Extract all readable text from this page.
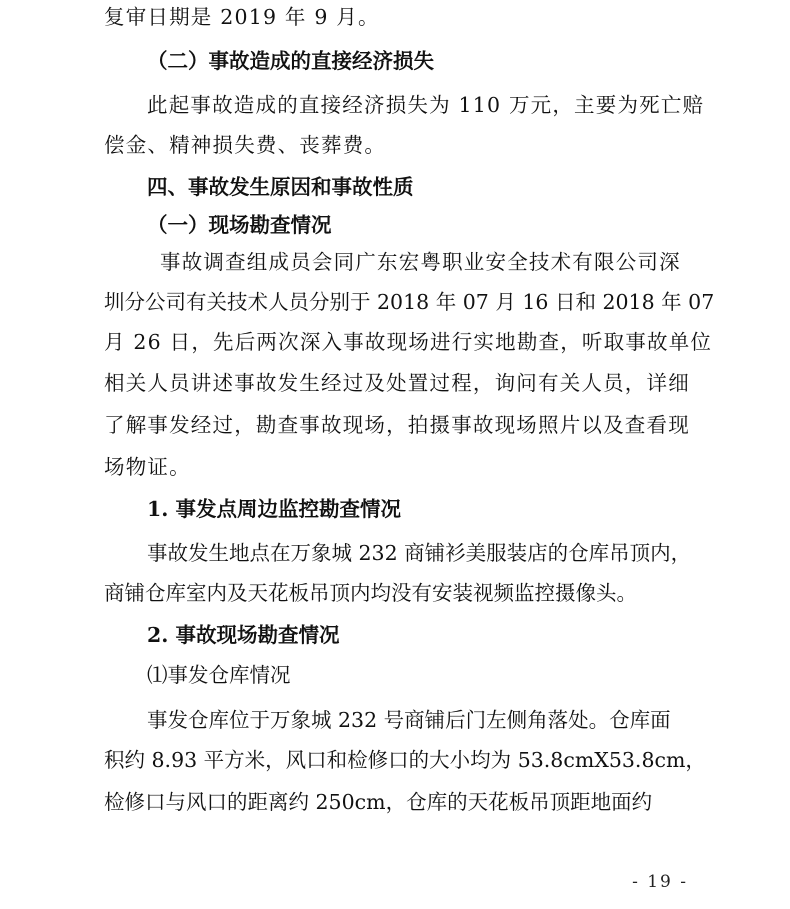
复审日期是 2019 年 9 月。
（二）事故造成的直接经济损失
此起事故造成的直接经济损失为 110 万元，主要为死亡赔
偿金、精神损失费、丧葬费。
四、事故发生原因和事故性质
（一）现场勘查情况
事故调查组成员会同广东宏粤职业安全技术有限公司深
圳分公司有关技术人员分别于 2018 年 07 月 16 日和 2018 年 07
月 26 日，先后两次深入事故现场进行实地勘查，听取事故单位
相关人员讲述事故发生经过及处置过程，询问有关人员，详细
了解事发经过，勘查事故现场，拍摄事故现场照片以及查看现
场物证。
1. 事发点周边监控勘查情况
事故发生地点在万象城 232 商铺衫美服装店的仓库吊顶内，
商铺仓库室内及天花板吊顶内均没有安装视频监控摄像头。
2. 事故现场勘查情况
⑴事发仓库情况
事发仓库位于万象城 232 号商铺后门左侧角落处。仓库面
积约 8.93 平方米，风口和检修口的大小均为 53.8cmX53.8cm，
检修口与风口的距离约 250cm，仓库的天花板吊顶距地面约
- 19 -
